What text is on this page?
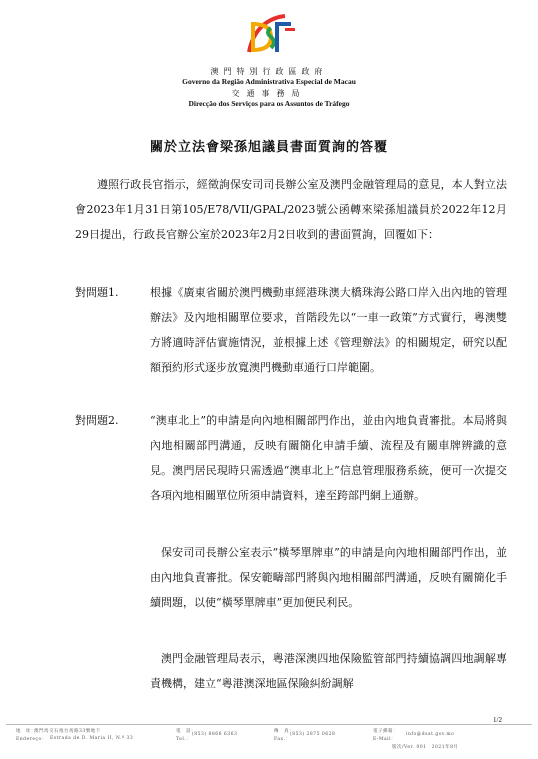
澳門特別行政區政府
Governo da Região Administrativa Especial de Macau
交通事務局
Direcção dos Serviços para os Assuntos de Tráfego
關於立法會梁孫旭議員書面質詢的答覆

遵照行政長官指示，經徵詢保安司司長辦公室及澳門金融管理局的意見，本人對立法會2023年1月31日第105/E78/VII/GPAL/2023號公函轉來梁孫旭議員於2022年12月29日提出，行政長官辦公室於2023年2月2日收到的書面質詢，回覆如下：

對問題1.	根據《廣東省關於澳門機動車經港珠澳大橋珠海公路口岸入出內地的管理辦法》及內地相關單位要求，首階段先以“一車一政策”方式實行，粵澳雙方將適時評估實施情況，並根據上述《管理辦法》的相關規定，研究以配額預約形式逐步放寬澳門機動車通行口岸範圍。

對問題2.	“澳車北上”的申請是向內地相關部門作出，並由內地負責審批。本局將與內地相關部門溝通，反映有關簡化申請手續、流程及有關車牌辨識的意見。澳門居民現時只需透過“澳車北上”信息管理服務系統，便可一次提交各項內地相關單位所須申請資料，達至跨部門網上通辦。

保安司司長辦公室表示“橫琴單牌車”的申請是向內地相關部門作出，並由內地負責審批。保安範疇部門將與內地相關部門溝通，反映有關簡化手續問題，以使“橫琴單牌車”更加便民利民。

澳門金融管理局表示，粵港深澳四地保險監管部門持續協調四地調解專責機構，建立“粵港澳深地區保險糾紛調解

1/2
地　址：
澳門馬交石炮台馬路33號地下
Endereço： Estrada de D. Maria II, N.º 33
電　話：
Tel.：
(853) 8866 6363
傳　真：
Fax.：
(853) 2875 0628
電子郵箱：
E-Mail：
info@dsat.gov.mo
版次/Ver. 001　2021年8月
